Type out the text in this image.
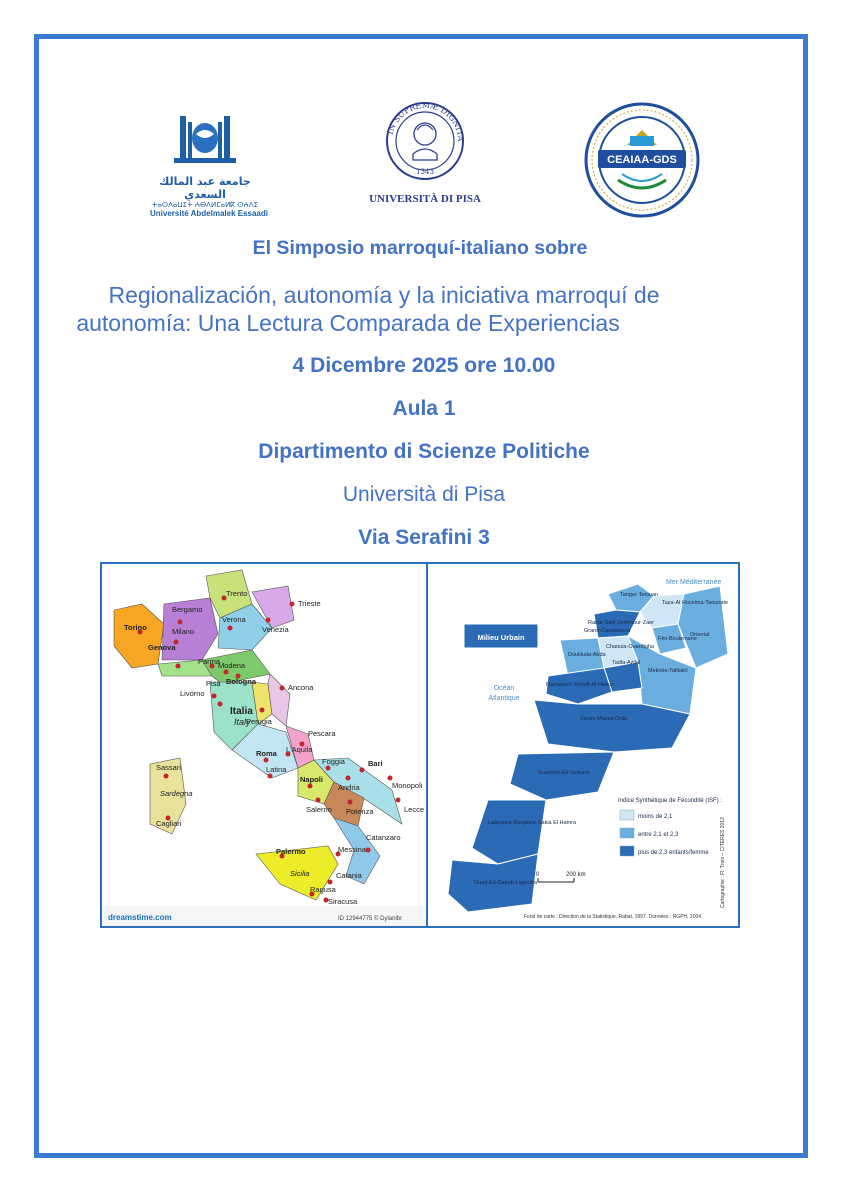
جامعة عبد المالك السعدي
ⵜⴰⵙⴷⴰⵡⵉⵜ ⵄⴱⴷⵍⵎⴰⵍⴽ ⵙⵄⴷⵉ
Université Abdelmalek Essaadi
IN SUPREMÆ DIGNITA
1343
UNIVERSITÀ DI PISA
CEAIAA-GDS
El Simposio marroquí-italiano sobre
Regionalización, autonomía y la iniciativa marroquí de
autonomía: Una Lectura Comparada de Experiencias
4 Dicembre 2025 ore 10.00
Aula 1
Dipartimento di Scienze Politiche
Università di Pisa
Via Serafini 3
Trento
Trieste
Bergamo
Verona
Venezia
Torino	Milano
Genova
Parma
Modena
Bologna
Livorno
Pisa
Italia
Italy
Ancona
Perugia
Pescara
L'Aquila
Roma
Latina
Foggia	Bari
Andria	Monopoli
Napoli
Salerno Potenza	Lecce
Sassari
Sardegna
Cagliari
Catanzaro
Palermo	Messina
Sicilia	Catania
Ragusa
Siracusa
dreamstime.com	ID 12944775 © Dylanlbr
Mer Méditerranée
Océan
Atlantique
Milieu Urbain
Tanger-Tetouan
Taza-Al Hoceima-Taounate
Rabat-Salé-Zemmour-Zaer
Grand-Casablanca
Oriental
Fès-Boulemane
Chaouia-Ouardigha
Doukkala-Abda
Meknès-Tafilalet
Tadla-Azilal
Marrakech-Tensift-Al Haouz
Souss-Massa-Drâa
Guelmim-Es-Semara
Laâyoune-Boujdour-Sakia El Hamra
Oued Ed-Dahab-Lagouira
Indice Synthétique de Fécondité (ISF) :
moins de 2,1
entre 2,1 et 2,3
plus de 2,3 enfants/femme
0	200 km
Fond de carte : Direction de la Statistique, Rabat, 1997. Données : RGPH, 2004.
Cartographie : Fl. Troin – CITERES 2012
